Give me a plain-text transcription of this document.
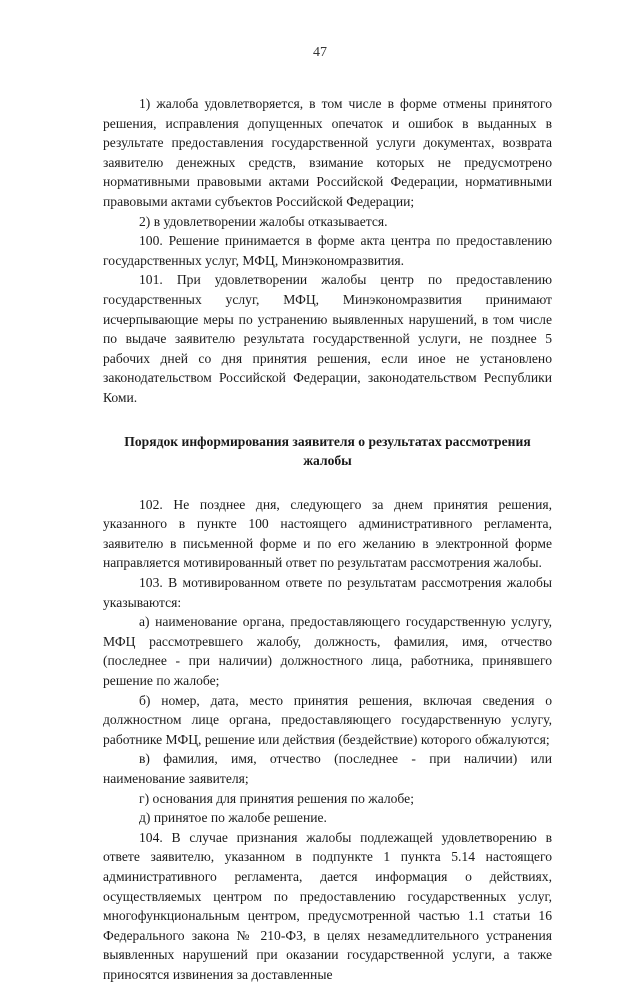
47

1) жалоба удовлетворяется, в том числе в форме отмены принятого решения, исправления допущенных опечаток и ошибок в выданных в результате предоставления государственной услуги документах, возврата заявителю денежных средств, взимание которых не предусмотрено нормативными правовыми актами Российской Федерации, нормативными правовыми актами субъектов Российской Федерации;

2) в удовлетворении жалобы отказывается.

100. Решение принимается в форме акта центра по предоставлению государственных услуг, МФЦ, Минэкономразвития.

101. При удовлетворении жалобы центр по предоставлению государственных услуг, МФЦ, Минэкономразвития принимают исчерпывающие меры по устранению выявленных нарушений, в том числе по выдаче заявителю результата государственной услуги, не позднее 5 рабочих дней со дня принятия решения, если иное не установлено законодательством Российской Федерации, законодательством Республики Коми.

Порядок информирования заявителя о результатах рассмотрения жалобы

102. Не позднее дня, следующего за днем принятия решения, указанного в пункте 100 настоящего административного регламента, заявителю в письменной форме и по его желанию в электронной форме направляется мотивированный ответ по результатам рассмотрения жалобы.

103. В мотивированном ответе по результатам рассмотрения жалобы указываются:

а) наименование органа, предоставляющего государственную услугу, МФЦ рассмотревшего жалобу, должность, фамилия, имя, отчество (последнее - при наличии) должностного лица, работника, принявшего решение по жалобе;

б) номер, дата, место принятия решения, включая сведения о должностном лице органа, предоставляющего государственную услугу, работнике МФЦ, решение или действия (бездействие) которого обжалуются;

в) фамилия, имя, отчество (последнее - при наличии) или наименование заявителя;

г) основания для принятия решения по жалобе;

д) принятое по жалобе решение.

104. В случае признания жалобы подлежащей удовлетворению в ответе заявителю, указанном в подпункте 1 пункта 5.14 настоящего административного регламента, дается информация о действиях, осуществляемых центром по предоставлению государственных услуг, многофункциональным центром, предусмотренной частью 1.1 статьи 16 Федерального закона № 210-ФЗ, в целях незамедлительного устранения выявленных нарушений при оказании государственной услуги, а также приносятся извинения за доставленные
